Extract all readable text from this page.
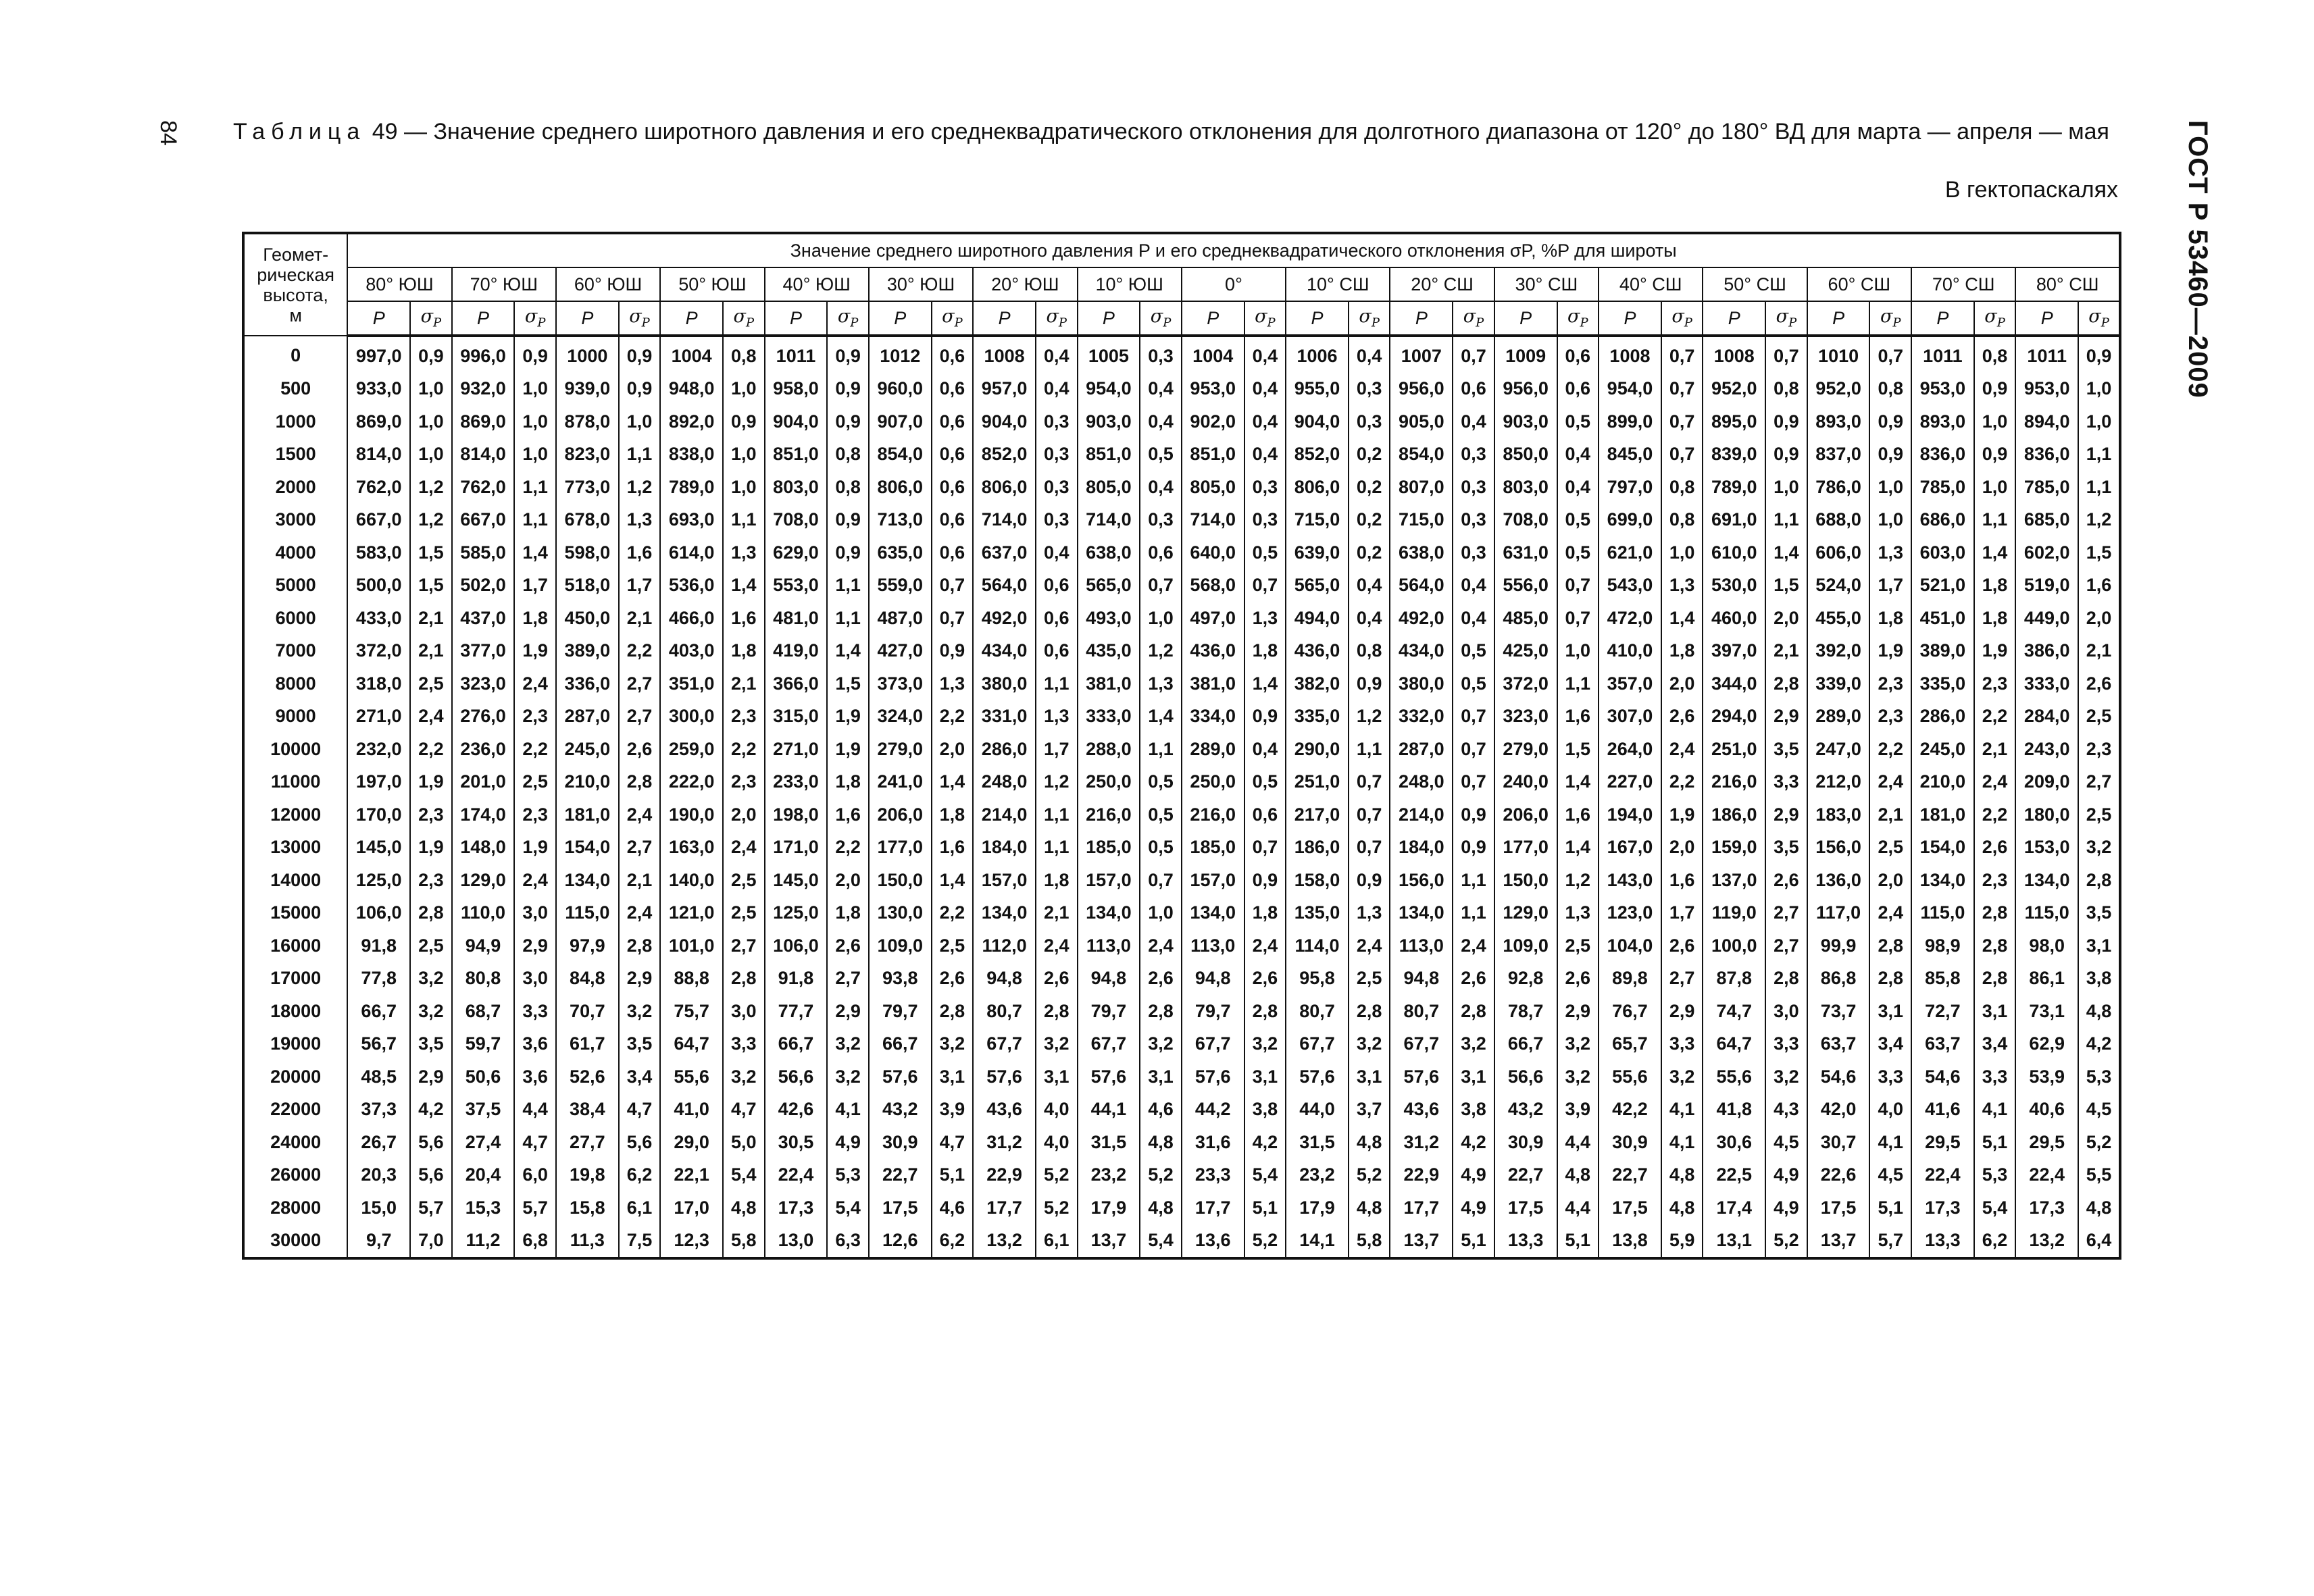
84	ГОСТ Р 53460—2009
Таблица 49 — Значение среднего широтного давления и его среднеквадратического отклонения для долготного диапазона от 120° до 180° ВД для марта — апреля — мая
В гектопаскалях
Геомет-
рическая
высота,
м	Значение среднего широтного давления P и его среднеквадратического отклонения σP, %P для широты																																	
	80° ЮШ		70° ЮШ		60° ЮШ		50° ЮШ		40° ЮШ		30° ЮШ		20° ЮШ		10° ЮШ		0°		10° СШ		20° СШ		30° СШ		40° СШ		50° СШ		60° СШ		70° СШ		80° СШ	
	P	$\sigma_P$	P	$\sigma_P$	P	$\sigma_P$	P	$\sigma_P$	P	$\sigma_P$	P	$\sigma_P$	P	$\sigma_P$	P	$\sigma_P$	P	$\sigma_P$	P	$\sigma_P$	P	$\sigma_P$	P	$\sigma_P$	P	$\sigma_P$	P	$\sigma_P$	P	$\sigma_P$	P	$\sigma_P$	P	$\sigma_P$
0	997,0	0,9	996,0	0,9	1000	0,9	1004	0,8	1011	0,9	1012	0,6	1008	0,4	1005	0,3	1004	0,4	1006	0,4	1007	0,7	1009	0,6	1008	0,7	1008	0,7	1010	0,7	1011	0,8	1011	0,9
500	933,0	1,0	932,0	1,0	939,0	0,9	948,0	1,0	958,0	0,9	960,0	0,6	957,0	0,4	954,0	0,4	953,0	0,4	955,0	0,3	956,0	0,6	956,0	0,6	954,0	0,7	952,0	0,8	952,0	0,8	953,0	0,9	953,0	1,0
1000	869,0	1,0	869,0	1,0	878,0	1,0	892,0	0,9	904,0	0,9	907,0	0,6	904,0	0,3	903,0	0,4	902,0	0,4	904,0	0,3	905,0	0,4	903,0	0,5	899,0	0,7	895,0	0,9	893,0	0,9	893,0	1,0	894,0	1,0
1500	814,0	1,0	814,0	1,0	823,0	1,1	838,0	1,0	851,0	0,8	854,0	0,6	852,0	0,3	851,0	0,5	851,0	0,4	852,0	0,2	854,0	0,3	850,0	0,4	845,0	0,7	839,0	0,9	837,0	0,9	836,0	0,9	836,0	1,1
2000	762,0	1,2	762,0	1,1	773,0	1,2	789,0	1,0	803,0	0,8	806,0	0,6	806,0	0,3	805,0	0,4	805,0	0,3	806,0	0,2	807,0	0,3	803,0	0,4	797,0	0,8	789,0	1,0	786,0	1,0	785,0	1,0	785,0	1,1
3000	667,0	1,2	667,0	1,1	678,0	1,3	693,0	1,1	708,0	0,9	713,0	0,6	714,0	0,3	714,0	0,3	714,0	0,3	715,0	0,2	715,0	0,3	708,0	0,5	699,0	0,8	691,0	1,1	688,0	1,0	686,0	1,1	685,0	1,2
4000	583,0	1,5	585,0	1,4	598,0	1,6	614,0	1,3	629,0	0,9	635,0	0,6	637,0	0,4	638,0	0,6	640,0	0,5	639,0	0,2	638,0	0,3	631,0	0,5	621,0	1,0	610,0	1,4	606,0	1,3	603,0	1,4	602,0	1,5
5000	500,0	1,5	502,0	1,7	518,0	1,7	536,0	1,4	553,0	1,1	559,0	0,7	564,0	0,6	565,0	0,7	568,0	0,7	565,0	0,4	564,0	0,4	556,0	0,7	543,0	1,3	530,0	1,5	524,0	1,7	521,0	1,8	519,0	1,6
6000	433,0	2,1	437,0	1,8	450,0	2,1	466,0	1,6	481,0	1,1	487,0	0,7	492,0	0,6	493,0	1,0	497,0	1,3	494,0	0,4	492,0	0,4	485,0	0,7	472,0	1,4	460,0	2,0	455,0	1,8	451,0	1,8	449,0	2,0
7000	372,0	2,1	377,0	1,9	389,0	2,2	403,0	1,8	419,0	1,4	427,0	0,9	434,0	0,6	435,0	1,2	436,0	1,8	436,0	0,8	434,0	0,5	425,0	1,0	410,0	1,8	397,0	2,1	392,0	1,9	389,0	1,9	386,0	2,1
8000	318,0	2,5	323,0	2,4	336,0	2,7	351,0	2,1	366,0	1,5	373,0	1,3	380,0	1,1	381,0	1,3	381,0	1,4	382,0	0,9	380,0	0,5	372,0	1,1	357,0	2,0	344,0	2,8	339,0	2,3	335,0	2,3	333,0	2,6
9000	271,0	2,4	276,0	2,3	287,0	2,7	300,0	2,3	315,0	1,9	324,0	2,2	331,0	1,3	333,0	1,4	334,0	0,9	335,0	1,2	332,0	0,7	323,0	1,6	307,0	2,6	294,0	2,9	289,0	2,3	286,0	2,2	284,0	2,5
10000	232,0	2,2	236,0	2,2	245,0	2,6	259,0	2,2	271,0	1,9	279,0	2,0	286,0	1,7	288,0	1,1	289,0	0,4	290,0	1,1	287,0	0,7	279,0	1,5	264,0	2,4	251,0	3,5	247,0	2,2	245,0	2,1	243,0	2,3
11000	197,0	1,9	201,0	2,5	210,0	2,8	222,0	2,3	233,0	1,8	241,0	1,4	248,0	1,2	250,0	0,5	250,0	0,5	251,0	0,7	248,0	0,7	240,0	1,4	227,0	2,2	216,0	3,3	212,0	2,4	210,0	2,4	209,0	2,7
12000	170,0	2,3	174,0	2,3	181,0	2,4	190,0	2,0	198,0	1,6	206,0	1,8	214,0	1,1	216,0	0,5	216,0	0,6	217,0	0,7	214,0	0,9	206,0	1,6	194,0	1,9	186,0	2,9	183,0	2,1	181,0	2,2	180,0	2,5
13000	145,0	1,9	148,0	1,9	154,0	2,7	163,0	2,4	171,0	2,2	177,0	1,6	184,0	1,1	185,0	0,5	185,0	0,7	186,0	0,7	184,0	0,9	177,0	1,4	167,0	2,0	159,0	3,5	156,0	2,5	154,0	2,6	153,0	3,2
14000	125,0	2,3	129,0	2,4	134,0	2,1	140,0	2,5	145,0	2,0	150,0	1,4	157,0	1,8	157,0	0,7	157,0	0,9	158,0	0,9	156,0	1,1	150,0	1,2	143,0	1,6	137,0	2,6	136,0	2,0	134,0	2,3	134,0	2,8
15000	106,0	2,8	110,0	3,0	115,0	2,4	121,0	2,5	125,0	1,8	130,0	2,2	134,0	2,1	134,0	1,0	134,0	1,8	135,0	1,3	134,0	1,1	129,0	1,3	123,0	1,7	119,0	2,7	117,0	2,4	115,0	2,8	115,0	3,5
16000	91,8	2,5	94,9	2,9	97,9	2,8	101,0	2,7	106,0	2,6	109,0	2,5	112,0	2,4	113,0	2,4	113,0	2,4	114,0	2,4	113,0	2,4	109,0	2,5	104,0	2,6	100,0	2,7	99,9	2,8	98,9	2,8	98,0	3,1
17000	77,8	3,2	80,8	3,0	84,8	2,9	88,8	2,8	91,8	2,7	93,8	2,6	94,8	2,6	94,8	2,6	94,8	2,6	95,8	2,5	94,8	2,6	92,8	2,6	89,8	2,7	87,8	2,8	86,8	2,8	85,8	2,8	86,1	3,8
18000	66,7	3,2	68,7	3,3	70,7	3,2	75,7	3,0	77,7	2,9	79,7	2,8	80,7	2,8	79,7	2,8	79,7	2,8	80,7	2,8	80,7	2,8	78,7	2,9	76,7	2,9	74,7	3,0	73,7	3,1	72,7	3,1	73,1	4,8
19000	56,7	3,5	59,7	3,6	61,7	3,5	64,7	3,3	66,7	3,2	66,7	3,2	67,7	3,2	67,7	3,2	67,7	3,2	67,7	3,2	67,7	3,2	66,7	3,2	65,7	3,3	64,7	3,3	63,7	3,4	63,7	3,4	62,9	4,2
20000	48,5	2,9	50,6	3,6	52,6	3,4	55,6	3,2	56,6	3,2	57,6	3,1	57,6	3,1	57,6	3,1	57,6	3,1	57,6	3,1	57,6	3,1	56,6	3,2	55,6	3,2	55,6	3,2	54,6	3,3	54,6	3,3	53,9	5,3
22000	37,3	4,2	37,5	4,4	38,4	4,7	41,0	4,7	42,6	4,1	43,2	3,9	43,6	4,0	44,1	4,6	44,2	3,8	44,0	3,7	43,6	3,8	43,2	3,9	42,2	4,1	41,8	4,3	42,0	4,0	41,6	4,1	40,6	4,5
24000	26,7	5,6	27,4	4,7	27,7	5,6	29,0	5,0	30,5	4,9	30,9	4,7	31,2	4,0	31,5	4,8	31,6	4,2	31,5	4,8	31,2	4,2	30,9	4,4	30,9	4,1	30,6	4,5	30,7	4,1	29,5	5,1	29,5	5,2
26000	20,3	5,6	20,4	6,0	19,8	6,2	22,1	5,4	22,4	5,3	22,7	5,1	22,9	5,2	23,2	5,2	23,3	5,4	23,2	5,2	22,9	4,9	22,7	4,8	22,7	4,8	22,5	4,9	22,6	4,5	22,4	5,3	22,4	5,5
28000	15,0	5,7	15,3	5,7	15,8	6,1	17,0	4,8	17,3	5,4	17,5	4,6	17,7	5,2	17,9	4,8	17,7	5,1	17,9	4,8	17,7	4,9	17,5	4,4	17,5	4,8	17,4	4,9	17,5	5,1	17,3	5,4	17,3	4,8
30000	9,7	7,0	11,2	6,8	11,3	7,5	12,3	5,8	13,0	6,3	12,6	6,2	13,2	6,1	13,7	5,4	13,6	5,2	14,1	5,8	13,7	5,1	13,3	5,1	13,8	5,9	13,1	5,2	13,7	5,7	13,3	6,2	13,2	6,4
